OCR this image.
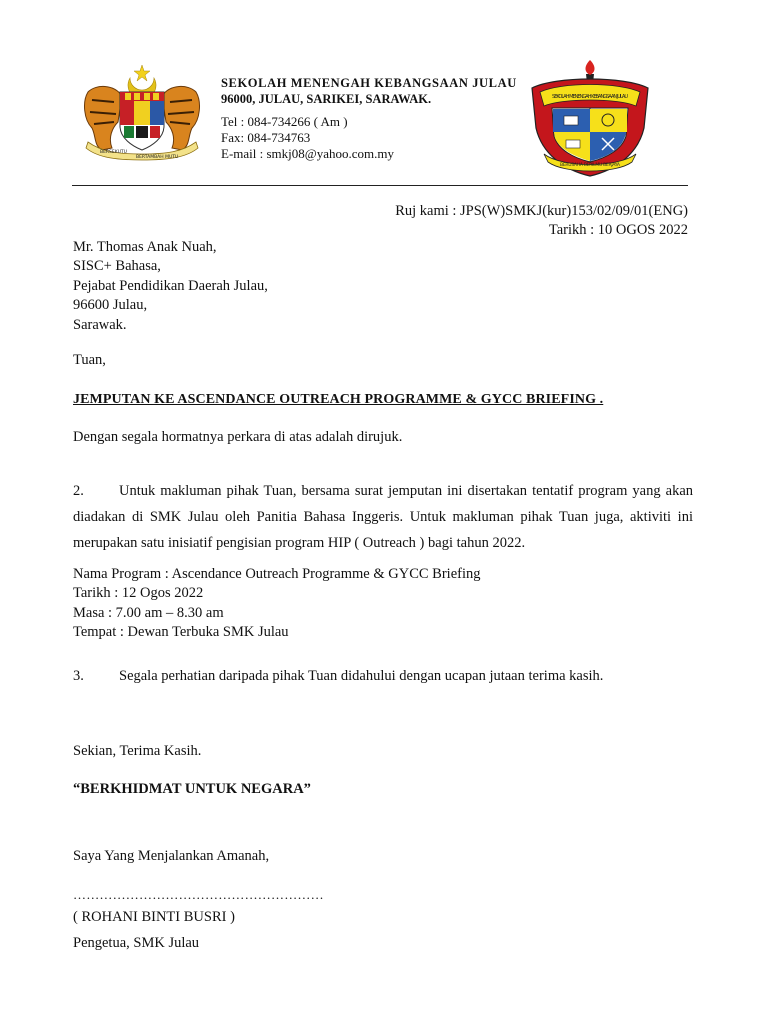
BERSEKUTU
BERTAMBAH MUTU
SEKOLAH MENENGAH KEBANGSAAN JULAU
96000, JULAU, SARIKEI, SARAWAK.
Tel : 084-734266 ( Am )
Fax: 084-734763
E-mail : smkj08@yahoo.com.my
SEKOLAH MENENGAH KEBANGSAAN JULAU
BERUSAHA BERILMU BERJAYA
Ruj kami : JPS(W)SMKJ(kur)153/02/09/01(ENG)
Tarikh : 10 OGOS 2022
Mr. Thomas Anak Nuah,
SISC+ Bahasa,
Pejabat Pendidikan Daerah Julau,
96600 Julau,
Sarawak.
Tuan,
JEMPUTAN KE ASCENDANCE OUTREACH PROGRAMME & GYCC BRIEFING .
Dengan segala hormatnya perkara di atas adalah dirujuk.
2. Untuk makluman pihak Tuan, bersama surat jemputan ini disertakan tentatif program yang akan diadakan di SMK Julau oleh Panitia Bahasa Inggeris. Untuk makluman pihak Tuan juga, aktiviti ini merupakan satu inisiatif pengisian program HIP ( Outreach ) bagi tahun 2022.
Nama Program : Ascendance Outreach Programme & GYCC Briefing
Tarikh : 12 Ogos 2022
Masa : 7.00 am – 8.30 am
Tempat : Dewan Terbuka SMK Julau
3. Segala perhatian daripada pihak Tuan didahului dengan ucapan jutaan terima kasih.
Sekian, Terima Kasih.
“BERKHIDMAT UNTUK NEGARA”
Saya Yang Menjalankan Amanah,
…………………………………………………
( ROHANI BINTI BUSRI )
Pengetua, SMK Julau
